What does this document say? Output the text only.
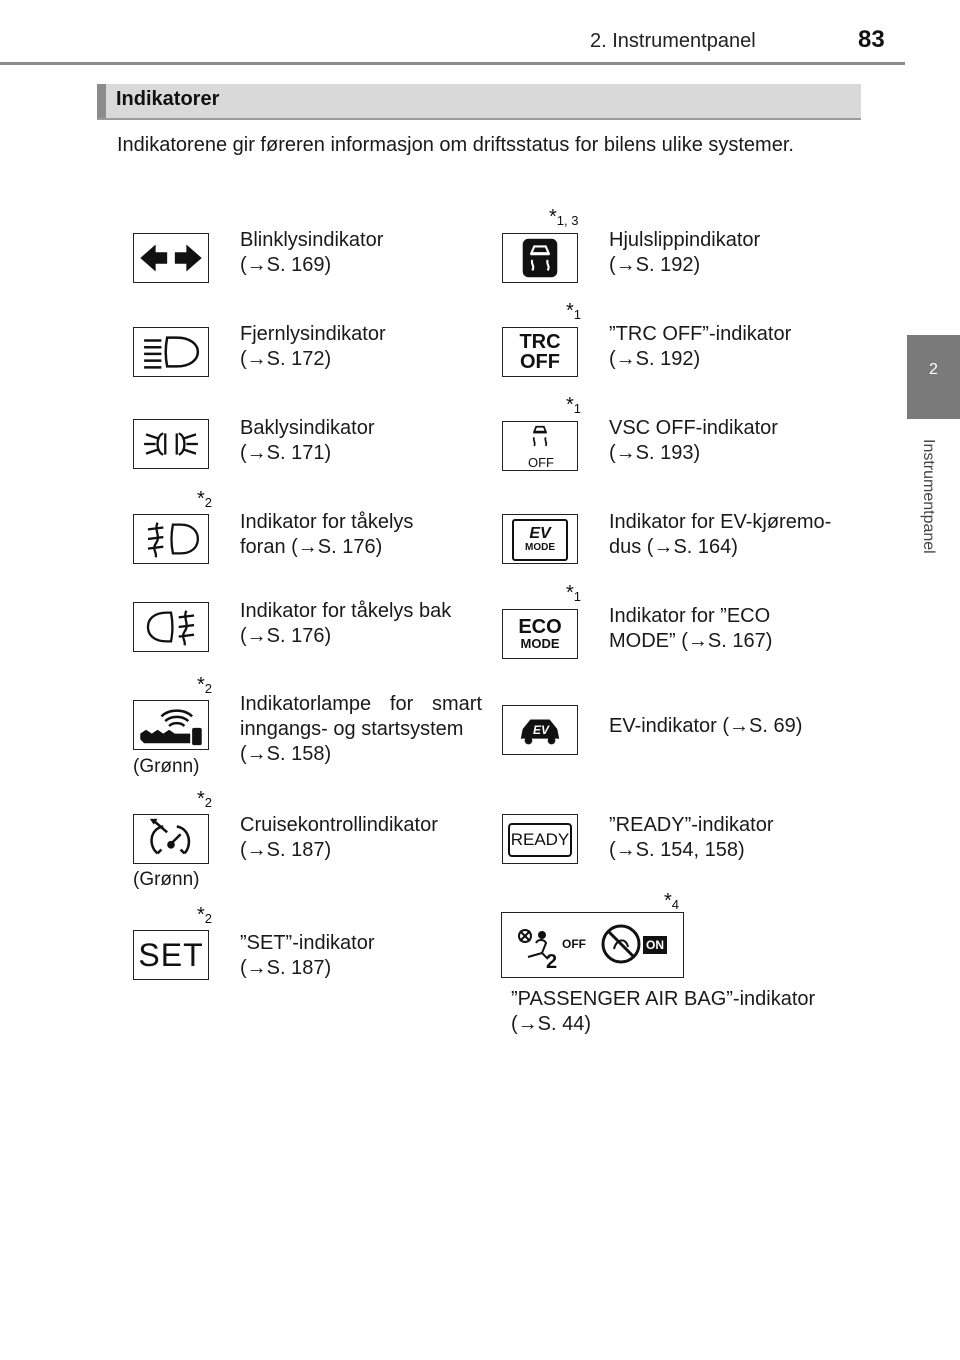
2. Instrumentpanel	83
2
Instrumentpanel
Indikatorer
Indikatorene gir føreren informasjon om driftsstatus for bilens ulike systemer.
Blinklysindikator
(→S. 169)
Fjernlysindikator
(→S. 172)
Baklysindikator
(→S. 171)
$*_2$
Indikator for tåkelys
foran (→S. 176)
Indikator for tåkelys bak
(→S. 176)
$*_2$
(Grønn)
Indikatorlampe for smart
inngangs- og startsystem
(→S. 158)
$*_2$
(Grønn)
Cruisekontrollindikator
(→S. 187)
$*_2$
SET ”SET”-indikator
(→S. 187)
$*_{1, 3}$
Hjulslippindikator
(→S. 192)
$*_1$
TRC
OFF
”TRC OFF”-indikator
(→S. 192)
$*_1$
OFF
VSC OFF-indikator
(→S. 193)
EV
MODE
Indikator for EV-kjøremo-
dus (→S. 164)
$*_1$
ECO
MODE
Indikator for ”ECO
MODE” (→S. 167)
EV	EV-indikator (→S. 69)
READY
”READY”-indikator
(→S. 154, 158)
$*_4$
2
OFF	ON
”PASSENGER AIR BAG”-indikator
(→S. 44)
